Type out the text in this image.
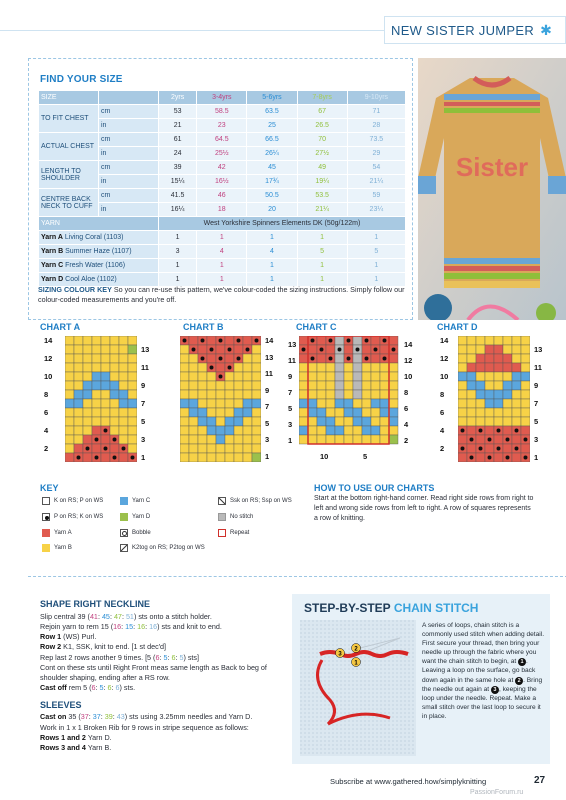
NEW SISTER JUMPER ✱
FIND YOUR SIZE
SIZE		2yrs	3-4yrs	5-6yrs	7-8yrs	9-10yrs
TO FIT CHEST	cm	53	58.5	63.5	67	71
	in	21	23	25	26.5	28
ACTUAL CHEST	cm	61	64.5	66.5	70	73.5
	in	24	25½	26¼	27½	29
LENGTH TO SHOULDER	cm	39	42	45	49	54
	in	15¼	16½	17¾	19¼	21¼
CENTRE BACK NECK TO CUFF	cm	41.5	46	50.5	53.5	59
	in	16¼	18	20	21¼	23¼
YARN		West Yorkshire Spinners Elements DK (50g/122m)				
Yarn A Living Coral (1103)		1	1	1	1	1
Yarn B Summer Haze (1107)		3	4	4	5	5
Yarn C Fresh Water (1106)		1	1	1	1	1
Yarn D Cool Aloe (1102)		1	1	1	1	1
SIZING COLOUR KEY So you can re-use this pattern, we've colour-coded the sizing instructions. Simply follow our colour-coded measurements and you're off.
Sister
CHART A	CHART B	CHART C	CHART D
14
12
10
8
6
4
2
13
11
9
7
5
3
1
14
13
11
9
7
5
3
1
13
11
9
7
5
3
1
14
12
10
8
6
4
2
10	5
14
12
10
8
6
4
2
13
11
9
7
5
3
1
KEY
K on RS; P on WS
P on RS; K on WS
Yarn A
Yarn B
Yarn C
Yarn D
Bobble
K2tog on RS; P2tog on WS
Ssk on RS; Ssp on WS
No stitch
Repeat
HOW TO USE OUR CHARTS
Start at the bottom right-hand corner. Read right side rows from right to left and wrong side rows from left to right. A row of squares represents a row of knitting.
SHAPE RIGHT NECKLINE

Slip central 39 (41: 45: 47: 51) sts onto a stitch holder.

Rejoin yarn to rem 15 (16: 15: 16: 16) sts and knit to end.

Row 1 (WS) Purl.

Row 2 K1, SSK, knit to end. [1 st dec'd]

Rep last 2 rows another 9 times. [5 (6: 5: 6: 5) sts]

Cont on these sts until Right Front meas same length as Back to beg of shoulder shaping, ending after a RS row.

Cast off rem 5 (6: 5: 6: 6) sts.

SLEEVES

Cast on 35 (37: 37: 39: 43) sts using 3.25mm needles and Yarn D.

Work in 1 x 1 Broken Rib for 9 rows in stripe sequence as follows:

Rows 1 and 2 Yarn D.

Rows 3 and 4 Yarn B.

STEP-BY-STEP CHAIN STITCH
3
2
1
A series of loops, chain stitch is a commonly used stitch when adding detail. First secure your thread, then bring your needle up through the fabric where you want the chain stitch to begin, at 1 . Leaving a loop on the surface, go back down again in the same hole at 2 . Bring the needle out again at 3 , keeping the loop under the needle. Repeat. Make a small stitch over the last loop to secure it in place.
Subscribe at www.gathered.how/simplyknitting	27
PassionForum.ru
